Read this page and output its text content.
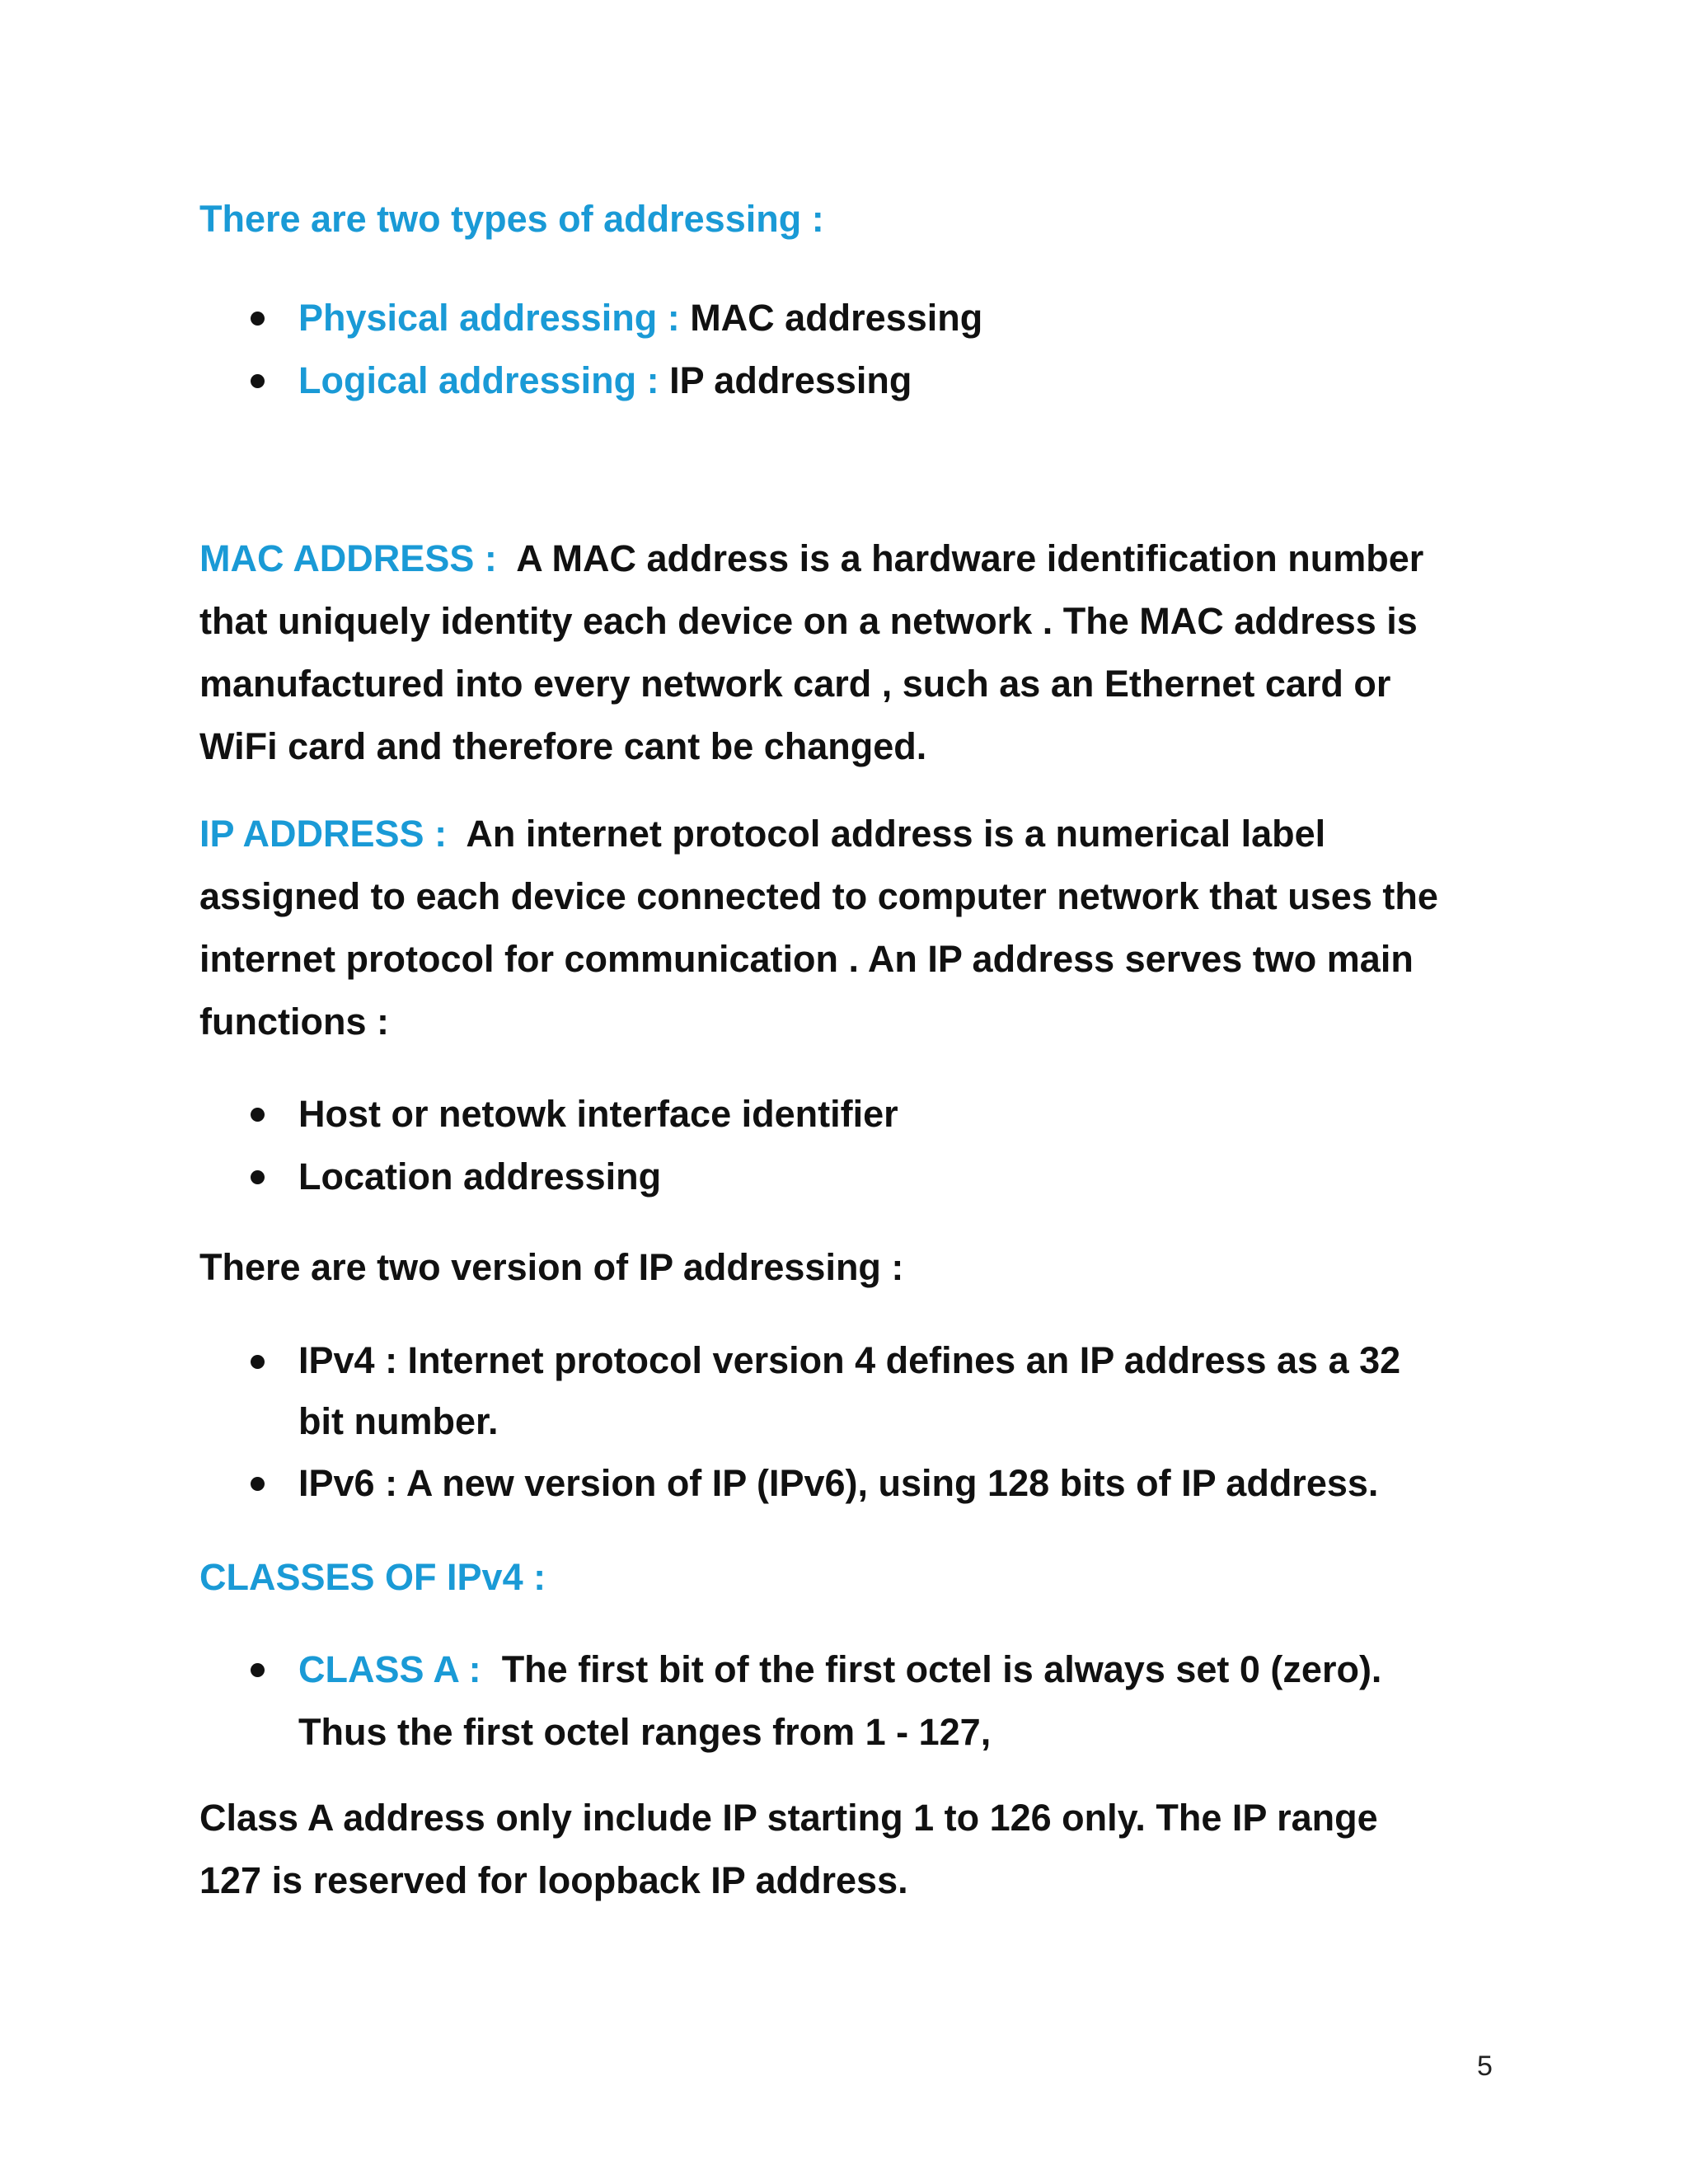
There are two types of addressing :
Physical addressing : MAC addressing
Logical addressing : IP addressing
MAC ADDRESS : A MAC address is a hardware identification number
that uniquely identity each device on a network . The MAC address is
manufactured into every network card , such as an Ethernet card or
WiFi card and therefore cant be changed.
IP ADDRESS : An internet protocol address is a numerical label
assigned to each device connected to computer network that uses the
internet protocol for communication . An IP address serves two main
functions :
Host or netowk interface identifier
Location addressing
There are two version of IP addressing :
IPv4 : Internet protocol version 4 defines an IP address as a 32
bit number.
IPv6 : A new version of IP (IPv6), using 128 bits of IP address.
CLASSES OF IPv4 :
CLASS A : The first bit of the first octel is always set 0 (zero).
Thus the first octel ranges from 1 - 127,
Class A address only include IP starting 1 to 126 only. The IP range
127 is reserved for loopback IP address.
5
